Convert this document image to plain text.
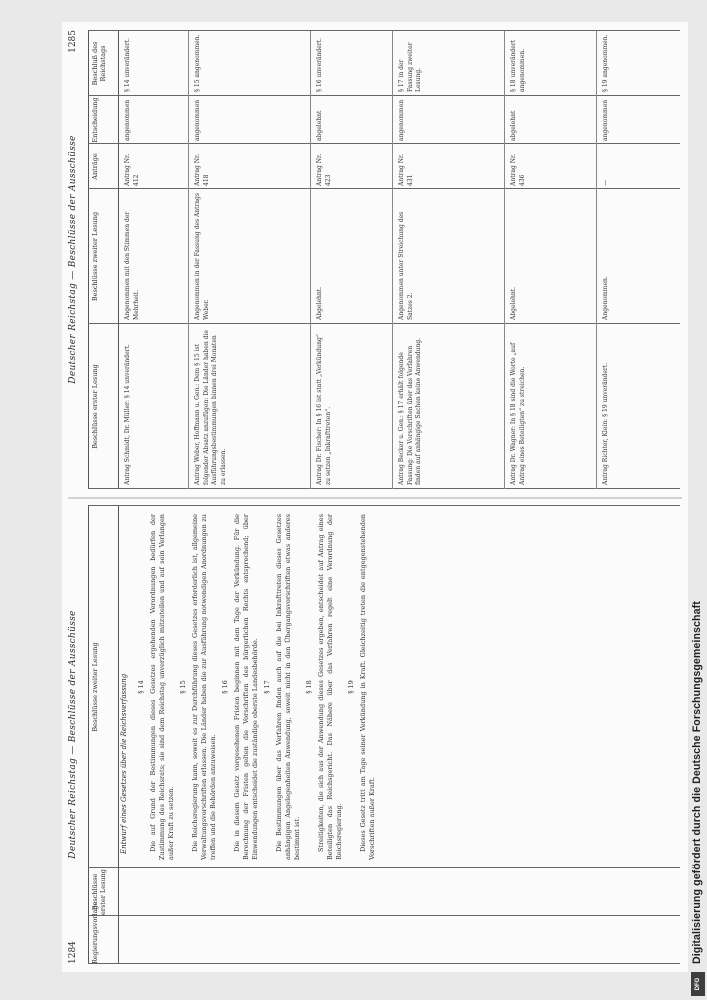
1284
Deutscher Reichstag — Beschlüsse der Ausschüsse
Regierungsvorlage
Beschlüsse erster Lesung
Beschlüsse zweiter Lesung	Entwurf eines Gesetzes über die Reichsverfassung § 14 Die auf Grund der Bestimmungen dieses Gesetzes ergehenden Verordnungen bedürfen der Zustimmung des Reichsrats; sie sind dem Reichstag unverzüglich mitzuteilen und auf sein Verlangen außer Kraft zu setzen.

§ 15 Die Reichsregierung kann, soweit es zur Durchführung dieses Gesetzes erforderlich ist, allgemeine Verwaltungsvorschriften erlassen. Die Länder haben die zur Ausführung notwendigen Anordnungen zu treffen und die Behörden anzuweisen.

§ 16 Die in diesem Gesetz vorgesehenen Fristen beginnen mit dem Tage der Verkündung. Für die Berechnung der Fristen gelten die Vorschriften des bürgerlichen Rechts entsprechend; über Einwendungen entscheidet die zuständige oberste Landesbehörde. § 17 Die Bestimmungen über das Verfahren finden auch auf die bei Inkrafttreten dieses Gesetzes anhängigen Angelegenheiten Anwendung, soweit nicht in den Übergangsvorschriften etwas anderes bestimmt ist.

§ 18 Streitigkeiten, die sich aus der Anwendung dieses Gesetzes ergeben, entscheidet auf Antrag eines Beteiligten das Reichsgericht. Das Nähere über das Verfahren regelt eine Verordnung der Reichsregierung.

§ 19 Dieses Gesetz tritt am Tage seiner Verkündung in Kraft. Gleichzeitig treten die entgegenstehenden Vorschriften außer Kraft.

Deutscher Reichstag — Beschlüsse der Ausschüsse
1285
Beschlüsse erster Lesung
Beschlüsse zweiter Lesung
Anträge
Entscheidung
Beschluß des Reichstags
Antrag Schmidt, Dr. Müller: § 14 unverändert.
Angenommen mit den Stimmen der Mehrheit.
Antrag Nr. 412
angenommen
§ 14 unverändert.
Antrag Weber, Hoffmann u. Gen.: Dem § 15 ist folgender Absatz anzufügen: Die Länder haben die Ausführungsbestimmungen binnen drei Monaten zu erlassen.
Angenommen in der Fassung des Antrags Weber.
Antrag Nr. 418
angenommen
§ 15 angenommen.
Antrag Dr. Fischer: In § 16 ist statt „Verkündung“ zu setzen „Inkrafttreten“.
Abgelehnt.
Antrag Nr. 423
abgelehnt
§ 16 unverändert.
Antrag Becker u. Gen.: § 17 erhält folgende Fassung: Die Vorschriften über das Verfahren finden auf anhängige Sachen keine Anwendung.
Angenommen unter Streichung des Satzes 2.
Antrag Nr. 431
angenommen
§ 17 in der Fassung zweiter Lesung.
Antrag Dr. Wagner: In § 18 sind die Worte „auf Antrag eines Beteiligten“ zu streichen.
Abgelehnt.
Antrag Nr. 436
abgelehnt
§ 18 unverändert angenommen.
Antrag Richter, Klein: § 19 unverändert.
Angenommen.
—
angenommen
§ 19 angenommen.
Digitalisierung gefördert durch die Deutsche Forschungsgemeinschaft
DFG
